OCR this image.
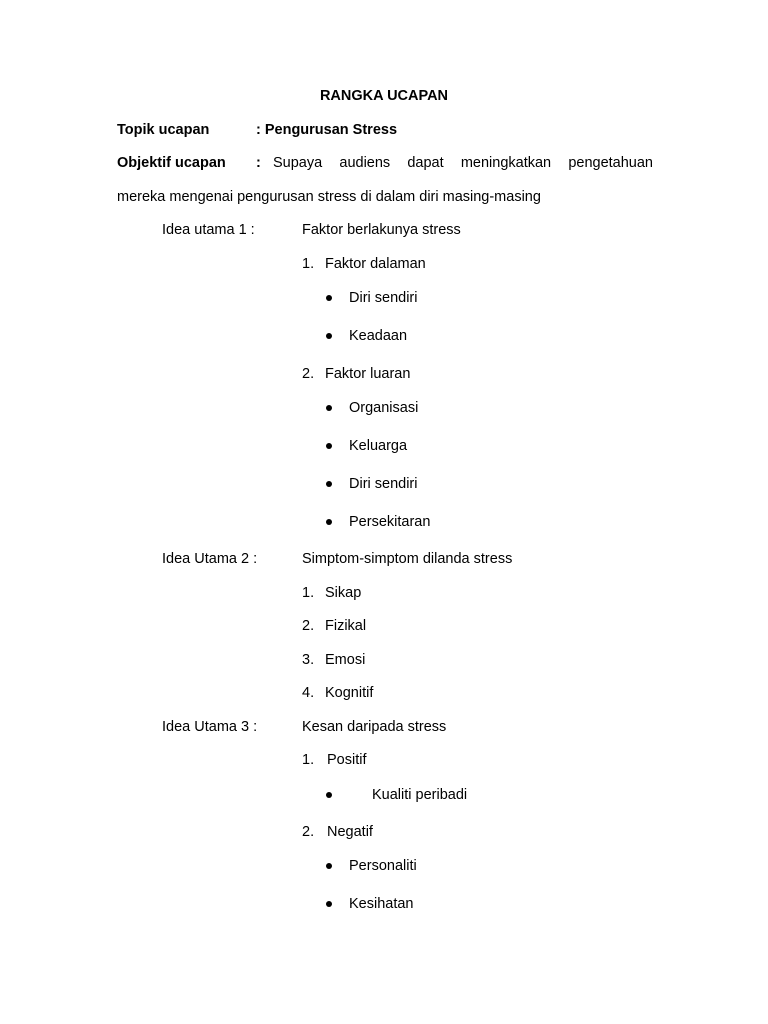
RANGKA UCAPAN
Topik ucapan	: Pengurusan Stress
Objektif ucapan : Supaya audiens dapat meningkatkan pengetahuan
mereka mengenai pengurusan stress di dalam diri masing-masing
Idea utama 1 :	Faktor berlakunya stress
1. Faktor dalaman
Diri sendiri
Keadaan
2. Faktor luaran
Organisasi
Keluarga
Diri sendiri
Persekitaran
Idea Utama 2 :	Simptom-simptom dilanda stress
1. Sikap
2. Fizikal
3. Emosi
4. Kognitif
Idea Utama 3 :	Kesan daripada stress
1. Positif
Kualiti peribadi
2. Negatif
Personaliti
Kesihatan
